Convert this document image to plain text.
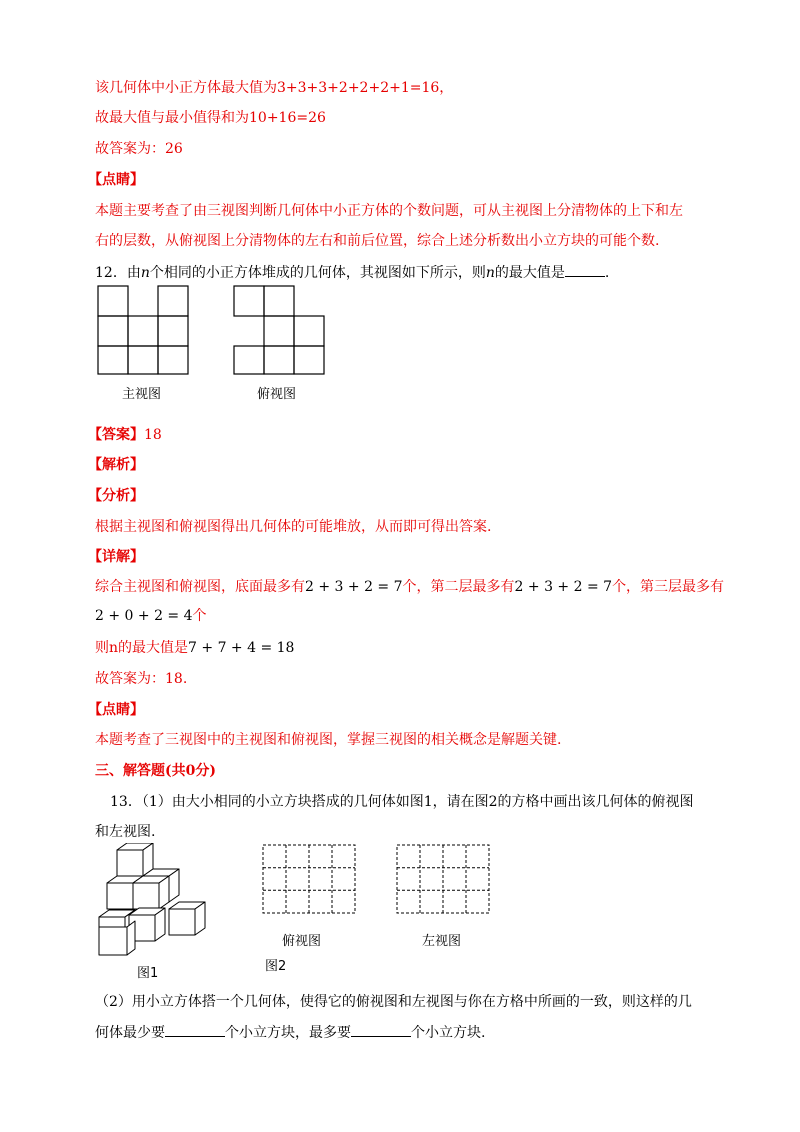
该几何体中小正方体最大值为3+3+3+2+2+2+1=16，
故最大值与最小值得和为10+16=26
故答案为：26
【点睛】
本题主要考查了由三视图判断几何体中小正方体的个数问题，可从主视图上分清物体的上下和左
右的层数，从俯视图上分清物体的左右和前后位置，综合上述分析数出小立方块的可能个数.
12．由n个相同的小正方体堆成的几何体，其视图如下所示，则n的最大值是	.
主视图	俯视图
【答案】18
【解析】
【分析】
根据主视图和俯视图得出几何体的可能堆放，从而即可得出答案.
【详解】
综合主视图和俯视图，底面最多有2 + 3 + 2 = 7个，第二层最多有2 + 3 + 2 = 7个，第三层最多有
2 + 0 + 2 = 4个
则n的最大值是7 + 7 + 4 = 18
故答案为：18.
【点睛】
本题考查了三视图中的主视图和俯视图，掌握三视图的相关概念是解题关键.
三、解答题(共0分)
13．（1）由大小相同的小立方块搭成的几何体如图1，请在图2的方格中画出该几何体的俯视图
和左视图.
图1
俯视图
图2
左视图
（2）用小立方体搭一个几何体，使得它的俯视图和左视图与你在方格中所画的一致，则这样的几
何体最少要	个小立方块，最多要	个小立方块.
